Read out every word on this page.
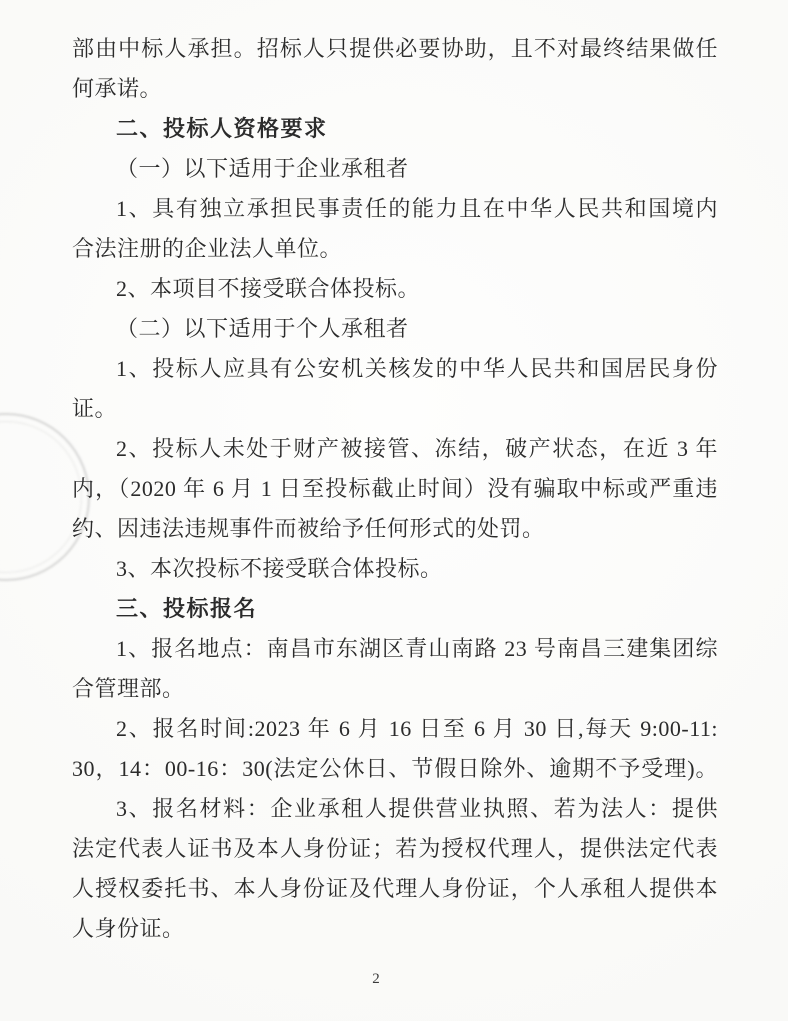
部由中标人承担。招标人只提供必要协助，且不对最终结果做任
何承诺。
二、投标人资格要求
（一）以下适用于企业承租者
1、具有独立承担民事责任的能力且在中华人民共和国境内
合法注册的企业法人单位。
2、本项目不接受联合体投标。
（二）以下适用于个人承租者
1、投标人应具有公安机关核发的中华人民共和国居民身份
证。
2、投标人未处于财产被接管、冻结，破产状态，在近 3 年
内，（2020 年 6 月 1 日至投标截止时间）没有骗取中标或严重违
约、因违法违规事件而被给予任何形式的处罚。
3、本次投标不接受联合体投标。
三、投标报名
1、报名地点：南昌市东湖区青山南路 23 号南昌三建集团综
合管理部。
2、报名时间:2023 年 6 月 16 日至 6 月 30 日,每天 9:00-11:
30，14：00-16：30(法定公休日、节假日除外、逾期不予受理)。
3、报名材料：企业承租人提供营业执照、若为法人：提供
法定代表人证书及本人身份证；若为授权代理人，提供法定代表
人授权委托书、本人身份证及代理人身份证，个人承租人提供本
人身份证。
2
